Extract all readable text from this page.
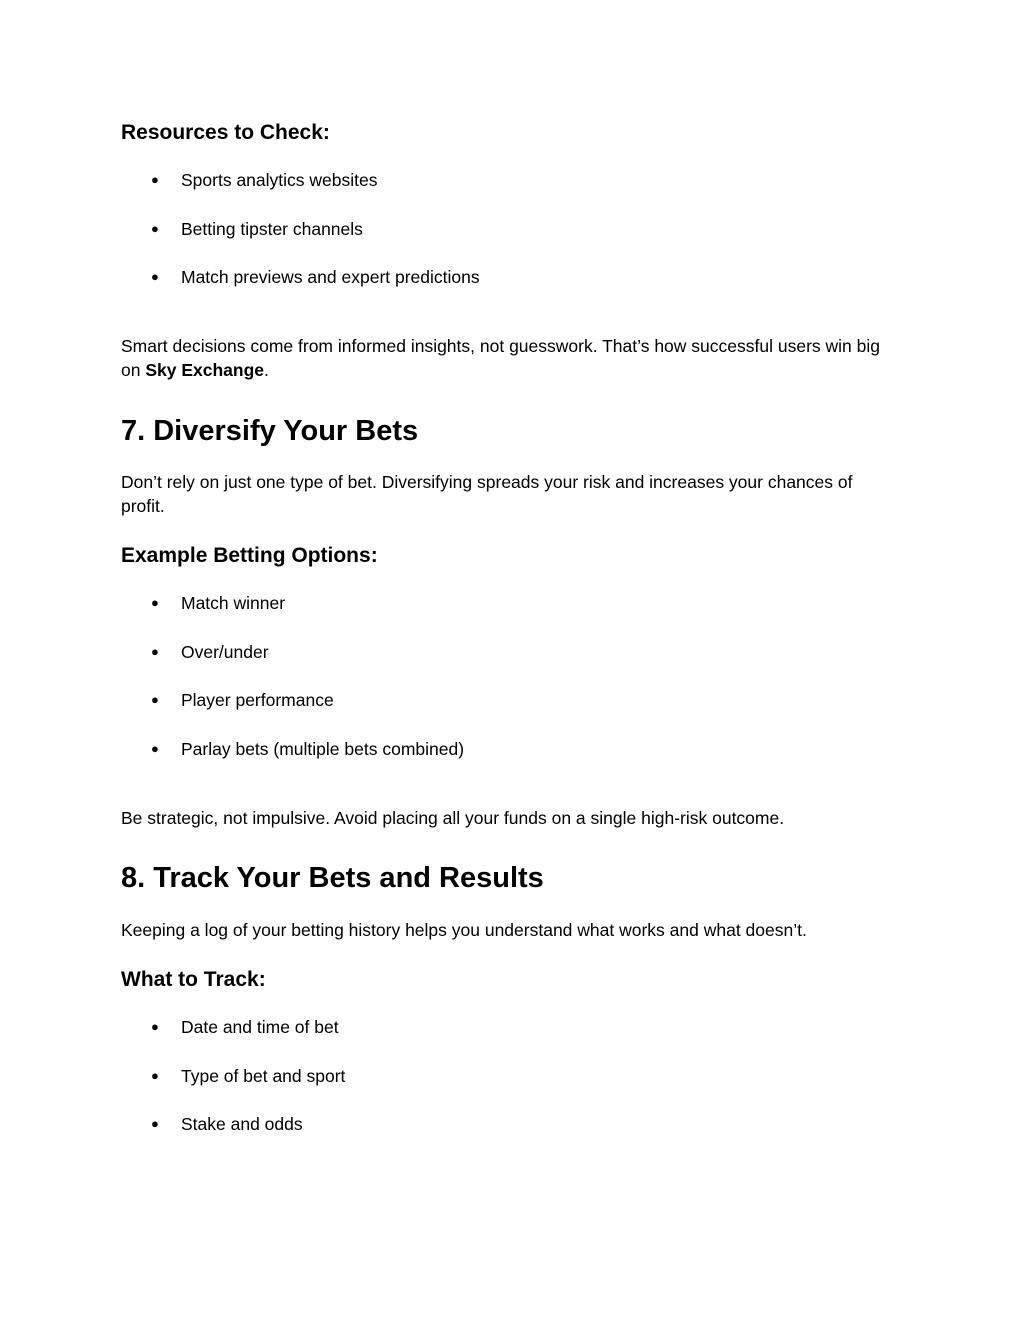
Resources to Check:
● Sports analytics websites
● Betting tipster channels
● Match previews and expert predictions

Smart decisions come from informed insights, not guesswork. That’s how successful users win big on Sky Exchange.

7. Diversify Your Bets

Don’t rely on just one type of bet. Diversifying spreads your risk and increases your chances of profit.

Example Betting Options:
● Match winner
● Over/under
● Player performance
● Parlay bets (multiple bets combined)

Be strategic, not impulsive. Avoid placing all your funds on a single high-risk outcome.

8. Track Your Bets and Results

Keeping a log of your betting history helps you understand what works and what doesn’t.

What to Track:
● Date and time of bet
● Type of bet and sport
● Stake and odds
